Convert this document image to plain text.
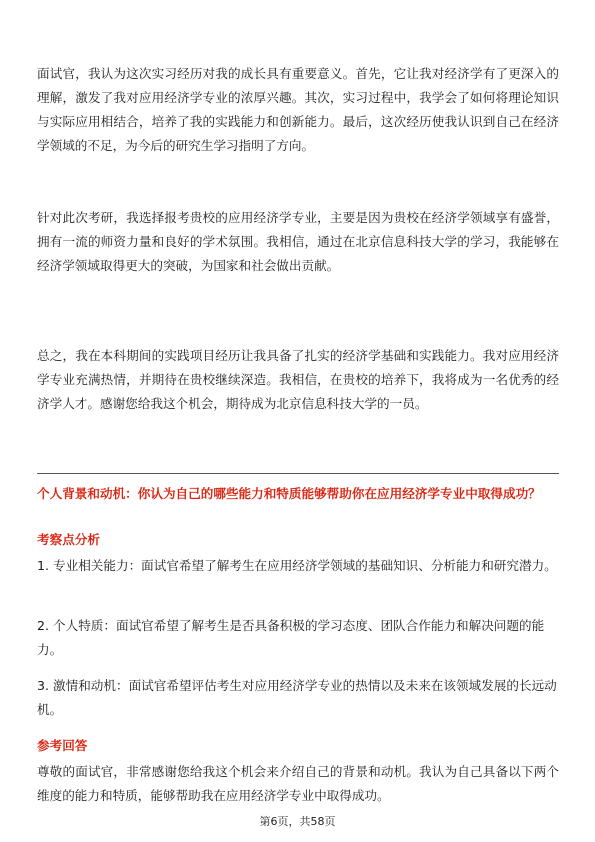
面试官，我认为这次实习经历对我的成长具有重要意义。首先，它让我对经济学有了更深入的理解，激发了我对应用经济学专业的浓厚兴趣。其次，实习过程中，我学会了如何将理论知识与实际应用相结合，培养了我的实践能力和创新能力。最后，这次经历使我认识到自己在经济学领域的不足，为今后的研究生学习指明了方向。

针对此次考研，我选择报考贵校的应用经济学专业，主要是因为贵校在经济学领域享有盛誉，拥有一流的师资力量和良好的学术氛围。我相信，通过在北京信息科技大学的学习，我能够在经济学领域取得更大的突破，为国家和社会做出贡献。

总之，我在本科期间的实践项目经历让我具备了扎实的经济学基础和实践能力。我对应用经济学专业充满热情，并期待在贵校继续深造。我相信，在贵校的培养下，我将成为一名优秀的经济学人才。感谢您给我这个机会，期待成为北京信息科技大学的一员。

个人背景和动机：你认为自己的哪些能力和特质能够帮助你在应用经济学专业中取得成功？

考察点分析

1. 专业相关能力：面试官希望了解考生在应用经济学领域的基础知识、分析能力和研究潜力。

2. 个人特质：面试官希望了解考生是否具备积极的学习态度、团队合作能力和解决问题的能力。

3. 激情和动机：面试官希望评估考生对应用经济学专业的热情以及未来在该领域发展的长远动机。

参考回答

尊敬的面试官，非常感谢您给我这个机会来介绍自己的背景和动机。我认为自己具备以下两个维度的能力和特质，能够帮助我在应用经济学专业中取得成功。

第6页，共58页
